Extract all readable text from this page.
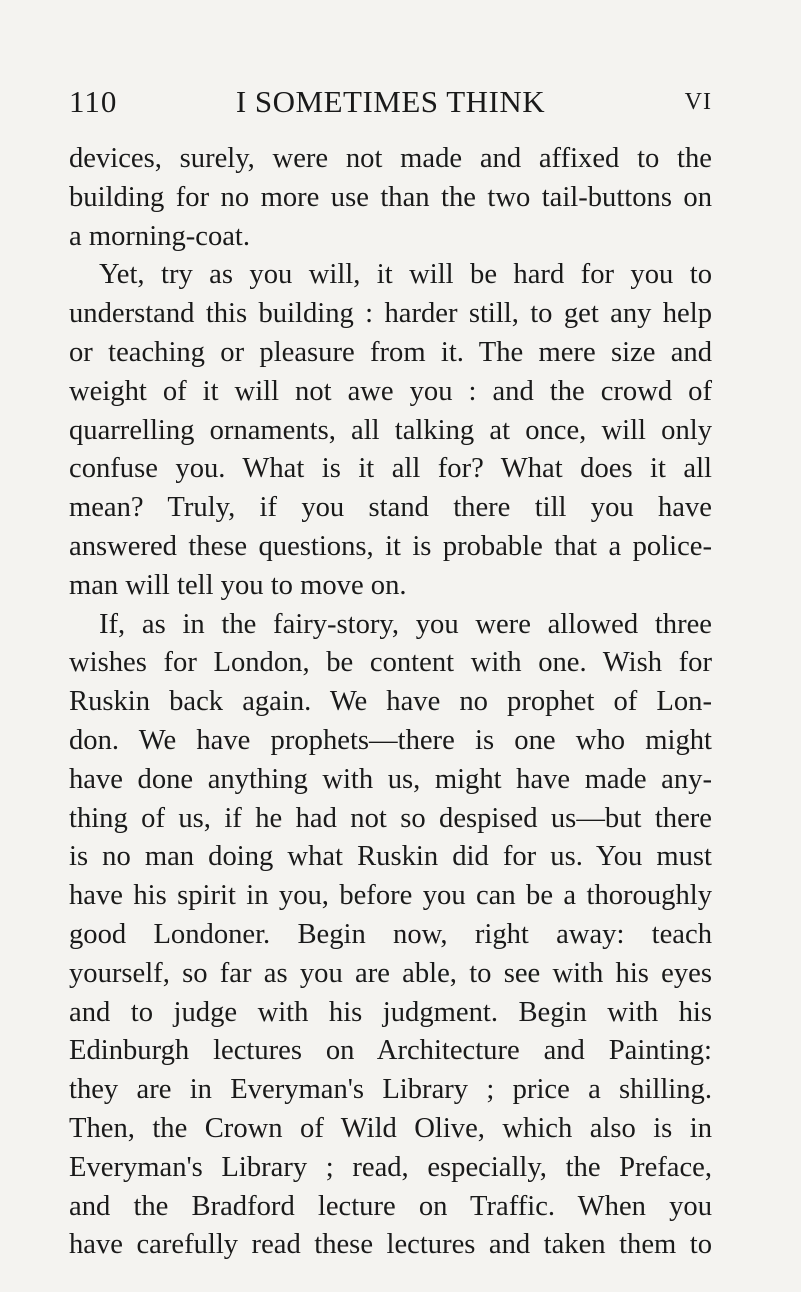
110	I SOMETIMES THINK	VI
devices, surely, were not made and affixed to the
building for no more use than the two tail-buttons on
a morning-coat.
Yet, try as you will, it will be hard for you to
understand this building : harder still, to get any help
or teaching or pleasure from it. The mere size and
weight of it will not awe you : and the crowd of
quarrelling ornaments, all talking at once, will only
confuse you. What is it all for? What does it all
mean? Truly, if you stand there till you have
answered these questions, it is probable that a police-
man will tell you to move on.
If, as in the fairy-story, you were allowed three
wishes for London, be content with one. Wish for
Ruskin back again. We have no prophet of Lon-
don. We have prophets—there is one who might
have done anything with us, might have made any-
thing of us, if he had not so despised us—but there
is no man doing what Ruskin did for us. You must
have his spirit in you, before you can be a thoroughly
good Londoner. Begin now, right away: teach
yourself, so far as you are able, to see with his eyes
and to judge with his judgment. Begin with his
Edinburgh lectures on Architecture and Painting:
they are in Everyman's Library ; price a shilling.
Then, the Crown of Wild Olive, which also is in
Everyman's Library ; read, especially, the Preface,
and the Bradford lecture on Traffic. When you
have carefully read these lectures and taken them to
